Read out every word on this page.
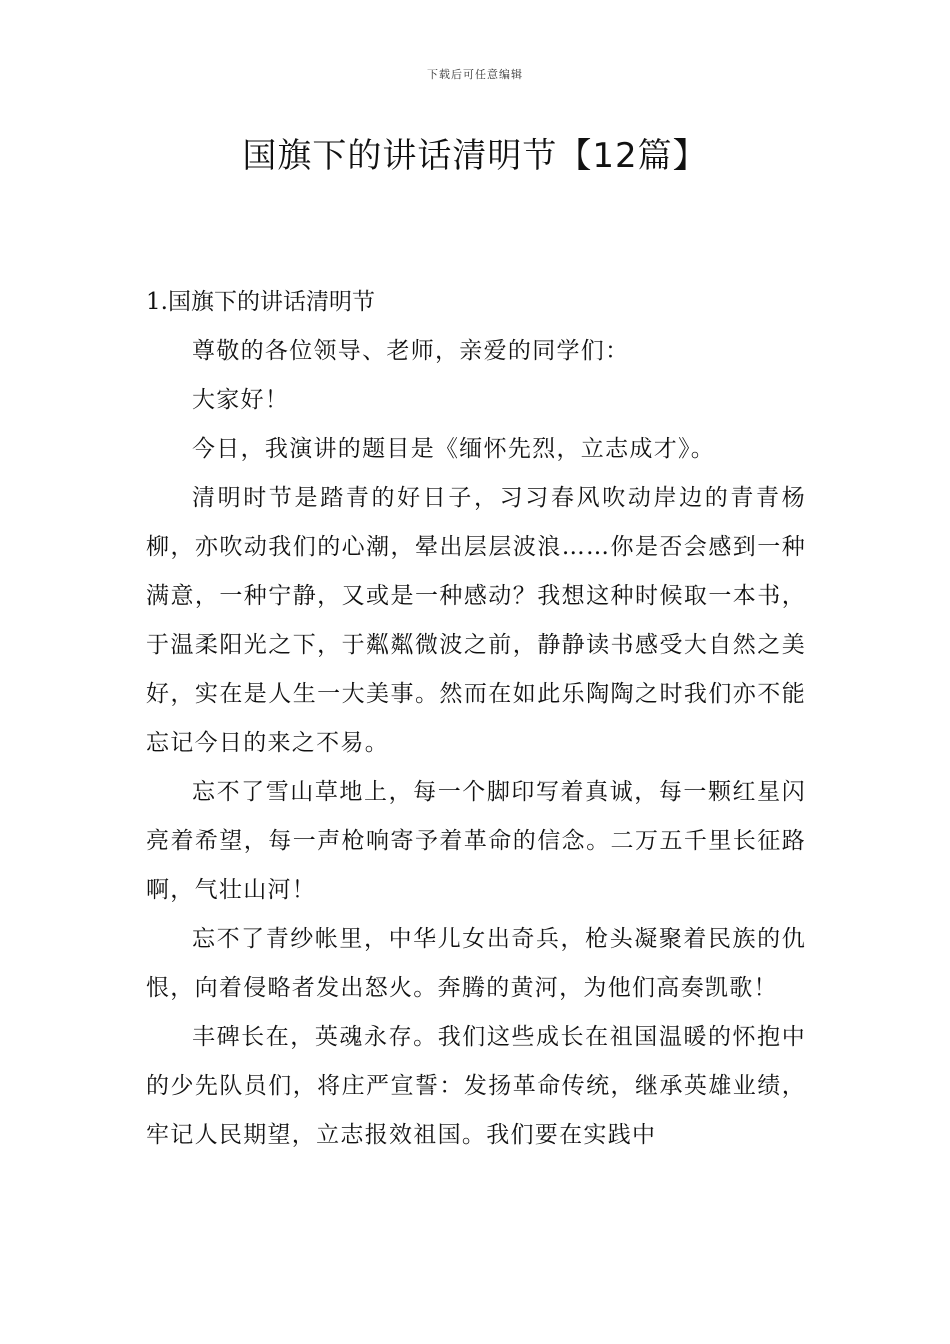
下载后可任意编辑
国旗下的讲话清明节【12篇】

1.国旗下的讲话清明节

尊敬的各位领导、老师，亲爱的同学们：

大家好！

今日，我演讲的题目是《缅怀先烈，立志成才》。

清明时节是踏青的好日子，习习春风吹动岸边的青青杨柳，亦吹动我们的心潮，晕出层层波浪……你是否会感到一种满意，一种宁静，又或是一种感动？我想这种时候取一本书，于温柔阳光之下，于粼粼微波之前，静静读书感受大自然之美好，实在是人生一大美事。然而在如此乐陶陶之时我们亦不能忘记今日的来之不易。

忘不了雪山草地上，每一个脚印写着真诚，每一颗红星闪亮着希望，每一声枪响寄予着革命的信念。二万五千里长征路啊，气壮山河！

忘不了青纱帐里，中华儿女出奇兵，枪头凝聚着民族的仇恨，向着侵略者发出怒火。奔腾的黄河，为他们高奏凯歌！

丰碑长在，英魂永存。我们这些成长在祖国温暖的怀抱中的少先队员们，将庄严宣誓：发扬革命传统，继承英雄业绩，牢记人民期望，立志报效祖国。我们要在实践中
